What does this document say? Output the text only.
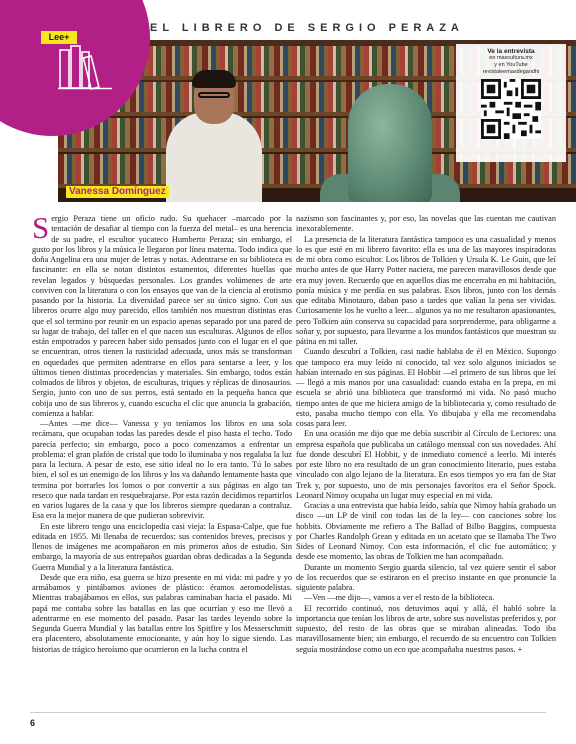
Lee+
EL LIBRERO DE SERGIO PERAZA
Ve la entrevista
en mascultura.mx
y en YouTube
revistaleemasdegandhi
Vanessa Domínguez

Sergio Peraza tiene un oficio rudo. Su quehacer –marcado por la tentación de desafiar al tiempo con la fuerza del metal– es una herencia de su padre, el escultor yucateco Humberto Peraza; sin embargo, el gusto por los libros y la música le llegaron por línea materna. Todo indica que doña Angelina era una mujer de letras y notas. Adentrarse en su biblioteca es fascinante: en ella se notan distintos estamentos, diferentes huellas que revelan legados y búsquedas personales. Los grandes volúmenes de arte conviven con la literatura o con los ensayos que van de la ciencia al erotismo pasando por la historia. La diversidad parece ser su único signo. Con sus libreros ocurre algo muy parecido, ellos también nos muestran distintas eras que el sol termino por reunir en un espacio apenas separado por una pared de su lugar de trabajo, del taller en el que nacen sus esculturas. Algunos de ellos están empotrados y parecen haber sido pensados junto con el lugar en el que se encuentran, otros tienen la rusticidad adecuada, unos más se transforman en oquedades que permiten adentrarse en ellos para sentarse a leer, y los últimos tienen distintas procedencias y materiales. Sin embargo, todos están colmados de libros y objetos, de esculturas, triques y réplicas de dinosaurios. Sergio, junto con uno de sus perros, está sentado en la pequeña banca que cobija uno de sus libreros y, cuando escucha el clic que anuncia la grabación, comienza a hablar.

—Antes —me dice— Vanessa y yo teníamos los libros en una sola recámara, que ocupaban todas las paredes desde el piso hasta el techo. Todo parecía perfecto; sin embargo, poco a poco comenzamos a enfrentar un problema: el gran plafón de cristal que todo lo iluminaba y nos regalaba la luz para la lectura. A pesar de esto, ese sitio ideal no lo era tanto. Tú lo sabes bien, el sol es un enemigo de los libros y los va dañando lentamente hasta que termina por borrarles los lomos o por convertir a sus páginas en algo tan reseco que nada tardan en resquebrajarse. Por esta razón decidimos repartirlos en varios lugares de la casa y que los libreros siempre quedaran a contraluz. Esa era la mejor manera de que pudieran sobrevivir.

En este librero tengo una enciclopedia casi vieja: la Espasa-Calpe, que fue editada en 1955. Mi llenaba de recuerdos: sus contenidos breves, precisos y llenos de imágenes me acompañaron en mis primeros años de estudio. Sin embargo, la mayoría de sus entrepaños guardan obras dedicadas a la Segunda Guerra Mundial y a la literatura fantástica.

Desde que era niño, esa guerra se hizo presente en mi vida: mi padre y yo armábamos y pintábamos aviones de plástico: éramos aeromodelistas. Mientras trabajábamos en ellos, sus palabras caminaban hacia el pasado. Mi papá me contaba sobre las batallas en las que ocurrían y eso me llevó a adentrarme en ese momento del pasado. Pasar las tardes leyendo sobre la Segunda Guerra Mundial y las batallas entre los Spitfire y los Messerschmitt era placentero, absolutamente emocionante, y aún hoy lo sigue siendo. Las historias de trágico heroísmo que ocurrieron en la lucha contra el

nazismo son fascinantes y, por eso, las novelas que las cuentan me cautivan inexorablemente.

La presencia de la literatura fantástica tampoco es una casualidad y menos lo es que esté en mi librero favorito: ella es una de las mayores inspiradoras de mi obra como escultor. Los libros de Tolkien y Ursula K. Le Guin, que leí mucho antes de que Harry Potter naciera, me parecen maravillosos desde que era muy joven. Recuerdo que en aquellos días me encerraba en mi habitación, ponía música y me perdía en sus palabras. Esos libros, junto con los demás que editaba Minotauro, daban paso a tardes que valían la pena ser vividas. Curiosamente los he vuelto a leer... algunos ya no me resultaron apasionantes, pero Tolkien aún conserva su capacidad para sorprenderme, para obligarme a soñar y, por supuesto, para llevarme a los mundos fantásticos que muestran su pátina en mi taller.

Cuando descubrí a Tolkien, casi nadie hablaba de él en México. Supongo que tampoco era muy leído ni conocido, tal vez solo algunos iniciados se habían internado en sus páginas. El Hobbit —el primero de sus libros que leí— llegó a mis manos por una casualidad: cuando estaba en la prepa, en mi escuela se abrió una biblioteca que transformó mi vida. No pasó mucho tiempo antes de que me hiciera amigo de la bibliotecaria y, como resultado de esto, pasaba mucho tiempo con ella. Yo dibujaba y ella me recomendaba cosas para leer.

En una ocasión me dijo que me debía suscribir al Círculo de Lectores: una empresa española que publicaba un catálogo mensual con sus novedades. Ahí fue donde descubrí El Hobbit, y de inmediato comencé a leerlo. Mi interés por este libro no era resultado de un gran conocimiento literario, pues estaba vinculado con algo lejano de la literatura. En esos tiempos yo era fan de Star Trek y, por supuesto, uno de mis personajes favoritos era el Señor Spock. Leonard Nimoy ocupaba un lugar muy especial en mi vida.

Gracias a una entrevista que había leído, sabía que Nimoy había grabado un disco —un LP de vinil con todas las de la ley— con canciones sobre los hobbits. Obviamente me refiero a The Ballad of Bilbo Baggins, compuesta por Charles Randolph Grean y editada en un acetato que se llamaba The Two Sides of Leonard Nimoy. Con esta información, el clic fue automático; y desde ese momento, las obras de Tolkien me han acompañado.

Durante un momento Sergio guarda silencio, tal vez quiere sentir el sabor de los recuerdos que se estiraron en el preciso instante en que pronuncie la siguiente palabra.

—Ven —me dijo—, vamos a ver el resto de la biblioteca.

El recorrido continuó, nos detuvimos aquí y allá, él habló sobre la importancia que tenían los libros de arte, sobre sus novelistas preferidos y, por supuesto, del resto de las obras que se miraban alineadas. Todo iba maravillosamente bien; sin embargo, el recuerdo de su encuentro con Tolkien seguía mostrándose como un eco que acompañaba nuestros pasos. +

6
